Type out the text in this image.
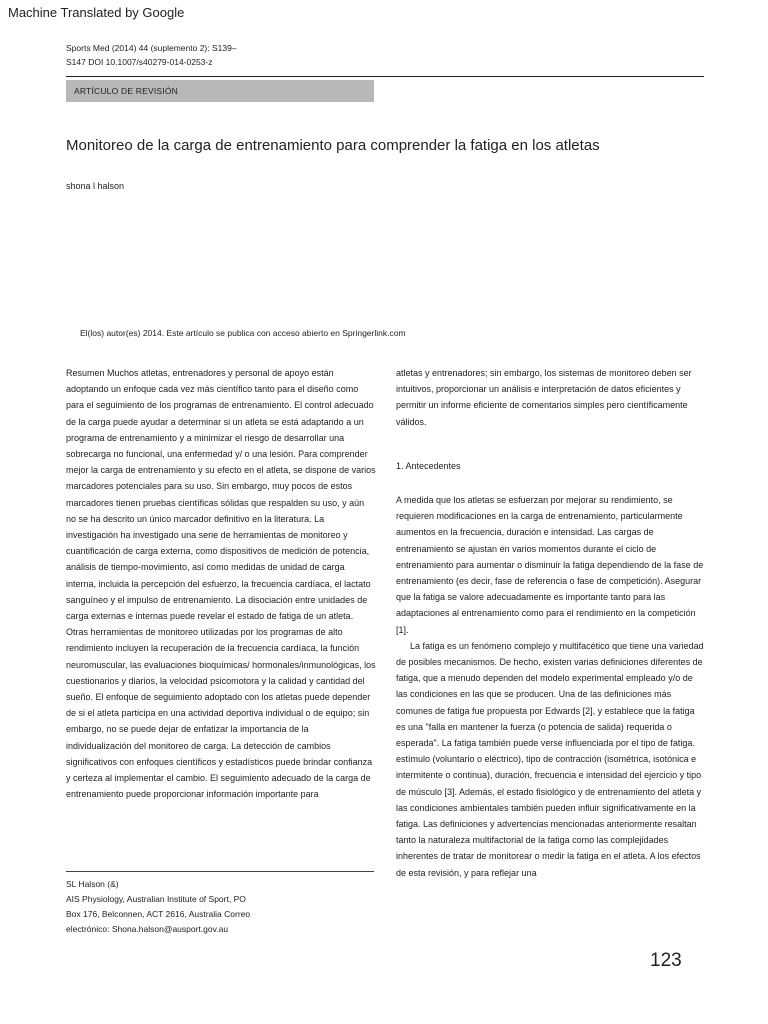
Machine Translated by Google
Sports Med (2014) 44 (suplemento 2): S139–
S147 DOI 10.1007/s40279-014-0253-z
ARTÍCULO DE REVISIÓN
Monitoreo de la carga de entrenamiento para comprender la fatiga en los atletas
shona l halson
El(los) autor(es) 2014. Este artículo se publica con acceso abierto en Springerlink.com

Resumen Muchos atletas, entrenadores y personal de apoyo están adoptando un enfoque cada vez más científico tanto para el diseño como para el seguimiento de los programas de entrenamiento. El control adecuado de la carga puede ayudar a determinar si un atleta se está adaptando a un programa de entrenamiento y a minimizar el riesgo de desarrollar una sobrecarga no funcional, una enfermedad y/ o una lesión. Para comprender mejor la carga de entrenamiento y su efecto en el atleta, se dispone de varios marcadores potenciales para su uso. Sin embargo, muy pocos de estos marcadores tienen pruebas científicas sólidas que respalden su uso, y aún no se ha descrito un único marcador definitivo en la literatura. La investigación ha investigado una serie de herramientas de monitoreo y cuantificación de carga externa, como dispositivos de medición de potencia, análisis de tiempo-movimiento, así como medidas de unidad de carga interna, incluida la percepción del esfuerzo, la frecuencia cardíaca, el lactato sanguíneo y el impulso de entrenamiento. La disociación entre unidades de carga externas e internas puede revelar el estado de fatiga de un atleta. Otras herramientas de monitoreo utilizadas por los programas de alto rendimiento incluyen la recuperación de la frecuencia cardíaca, la función neuromuscular, las evaluaciones bioquímicas/ hormonales/inmunológicas, los cuestionarios y diarios, la velocidad psicomotora y la calidad y cantidad del sueño. El enfoque de seguimiento adoptado con los atletas puede depender de si el atleta participa en una actividad deportiva individual o de equipo; sin embargo, no se puede dejar de enfatizar la importancia de la individualización del monitoreo de carga. La detección de cambios significativos con enfoques científicos y estadísticos puede brindar confianza y certeza al implementar el cambio. El seguimiento adecuado de la carga de entrenamiento puede proporcionar información importante para

atletas y entrenadores; sin embargo, los sistemas de monitoreo deben ser intuitivos, proporcionar un análisis e interpretación de datos eficientes y permitir un informe eficiente de comentarios simples pero científicamente válidos.

1. Antecedentes

A medida que los atletas se esfuerzan por mejorar su rendimiento, se requieren modificaciones en la carga de entrenamiento, particularmente aumentos en la frecuencia, duración e intensidad. Las cargas de entrenamiento se ajustan en varios momentos durante el ciclo de entrenamiento para aumentar o disminuir la fatiga dependiendo de la fase de entrenamiento (es decir, fase de referencia o fase de competición). Asegurar que la fatiga se valore adecuadamente es importante tanto para las adaptaciones al entrenamiento como para el rendimiento en la competición [1].

La fatiga es un fenómeno complejo y multifacético que tiene una variedad de posibles mecanismos. De hecho, existen varias definiciones diferentes de fatiga, que a menudo dependen del modelo experimental empleado y/o de las condiciones en las que se producen. Una de las definiciones más comunes de fatiga fue propuesta por Edwards [2], y establece que la fatiga es una "falla en mantener la fuerza (o potencia de salida) requerida o esperada". La fatiga también puede verse influenciada por el tipo de fatiga. estímulo (voluntario o eléctrico), tipo de contracción (isométrica, isotónica e intermitente o continua), duración, frecuencia e intensidad del ejercicio y tipo de músculo [3]. Además, el estado fisiológico y de entrenamiento del atleta y las condiciones ambientales también pueden influir significativamente en la fatiga. Las definiciones y advertencias mencionadas anteriormente resaltan tanto la naturaleza multifactorial de la fatiga como las complejidades inherentes de tratar de monitorear o medir la fatiga en el atleta. A los efectos de esta revisión, y para reflejar una

SL Halson (&)
AIS Physiology, Australian Institute of Sport, PO
Box 176, Belconnen, ACT 2616, Australia Correo
electrónico: Shona.halson@ausport.gov.au
123
